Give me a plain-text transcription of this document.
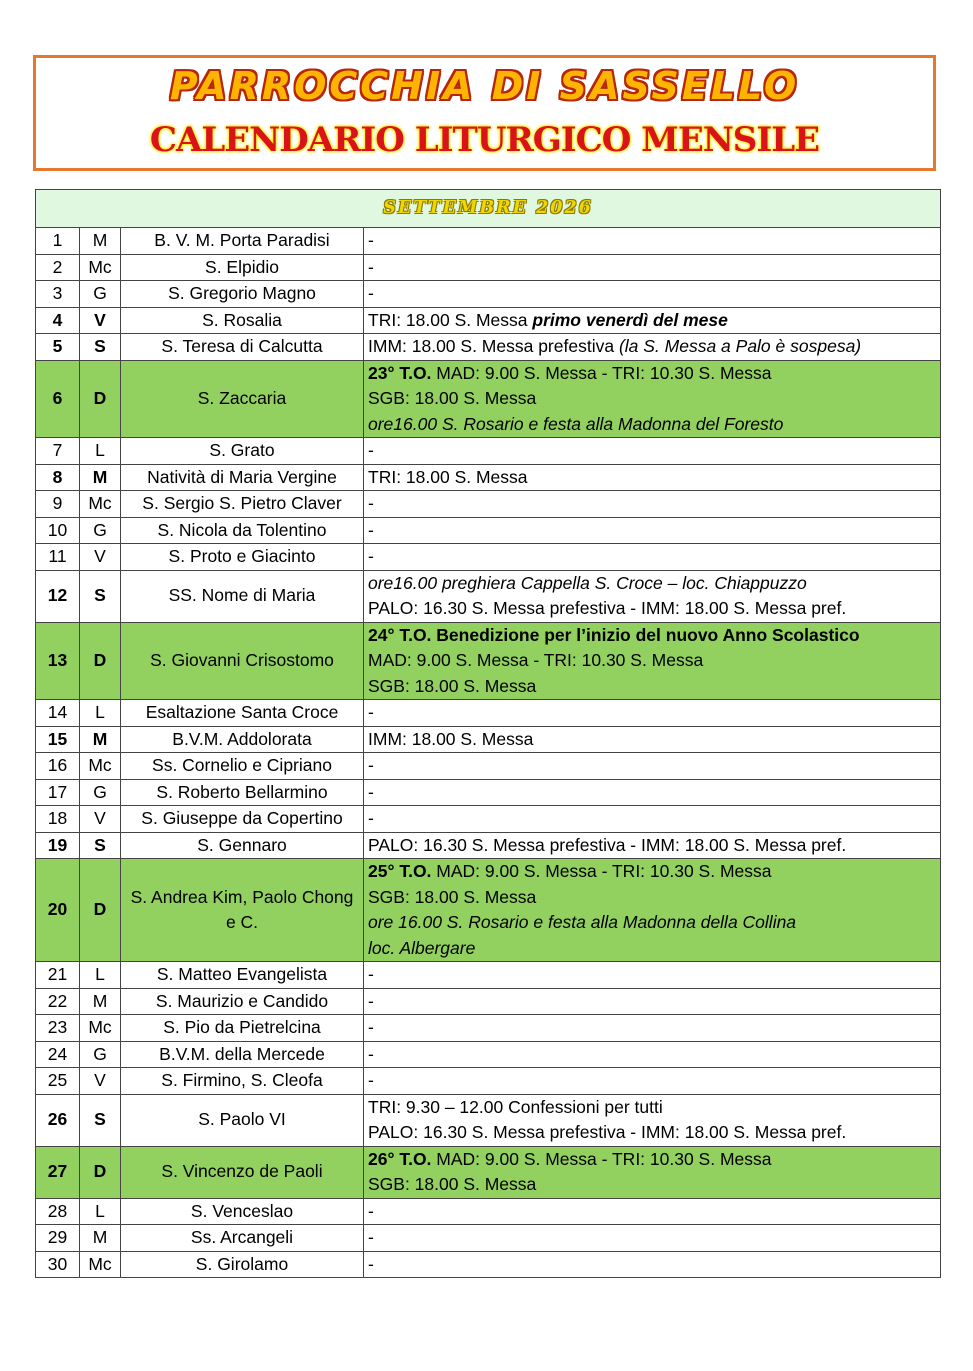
PARROCCHIA DI SASSELLO
CALENDARIO LITURGICO MENSILE
SETTEMBRE 2026			
1	M	B. V. M. Porta Paradisi	-

2	Mc	S. Elpidio	-

3	G	S. Gregorio Magno	-

4	V	S. Rosalia	TRI: 18.00 S. Messa primo venerdì del mese

5	S	S. Teresa di Calcutta	IMM: 18.00 S. Messa prefestiva (la S. Messa a Palo è sospesa)

6	D	S. Zaccaria	23° T.O. MAD: 9.00 S. Messa - TRI: 10.30 S. Messa
SGB: 18.00 S. Messa
ore16.00 S. Rosario e festa alla Madonna del Foresto

7	L	S. Grato	-

8	M	Natività di Maria Vergine	TRI: 18.00 S. Messa

9	Mc	S. Sergio S. Pietro Claver	-

10	G	S. Nicola da Tolentino	-

11	V	S. Proto e Giacinto	-

12	S	SS. Nome di Maria	ore16.00 preghiera Cappella S. Croce – loc. Chiappuzzo
PALO: 16.30 S. Messa prefestiva - IMM: 18.00 S. Messa pref.

13	D	S. Giovanni Crisostomo	24° T.O. Benedizione per l’inizio del nuovo Anno Scolastico
MAD: 9.00 S. Messa - TRI: 10.30 S. Messa
SGB: 18.00 S. Messa

14	L	Esaltazione Santa Croce	-

15	M	B.V.M. Addolorata	IMM: 18.00 S. Messa

16	Mc	Ss. Cornelio e Cipriano	-

17	G	S. Roberto Bellarmino	-

18	V	S. Giuseppe da Copertino	-

19	S	S. Gennaro	PALO: 16.30 S. Messa prefestiva - IMM: 18.00 S. Messa pref.

20	D	S. Andrea Kim, Paolo Chong e C.	25° T.O. MAD: 9.00 S. Messa - TRI: 10.30 S. Messa
SGB: 18.00 S. Messa
ore 16.00 S. Rosario e festa alla Madonna della Collina
loc. Albergare

21	L	S. Matteo Evangelista	-

22	M	S. Maurizio e Candido	-

23	Mc	S. Pio da Pietrelcina	-

24	G	B.V.M. della Mercede	-

25	V	S. Firmino, S. Cleofa	-

26	S	S. Paolo VI	TRI: 9.30 – 12.00 Confessioni per tutti
PALO: 16.30 S. Messa prefestiva - IMM: 18.00 S. Messa pref.

27	D	S. Vincenzo de Paoli	26° T.O. MAD: 9.00 S. Messa - TRI: 10.30 S. Messa
SGB: 18.00 S. Messa

28	L	S. Venceslao	-

29	M	Ss. Arcangeli	-

30	Mc	S. Girolamo	-
